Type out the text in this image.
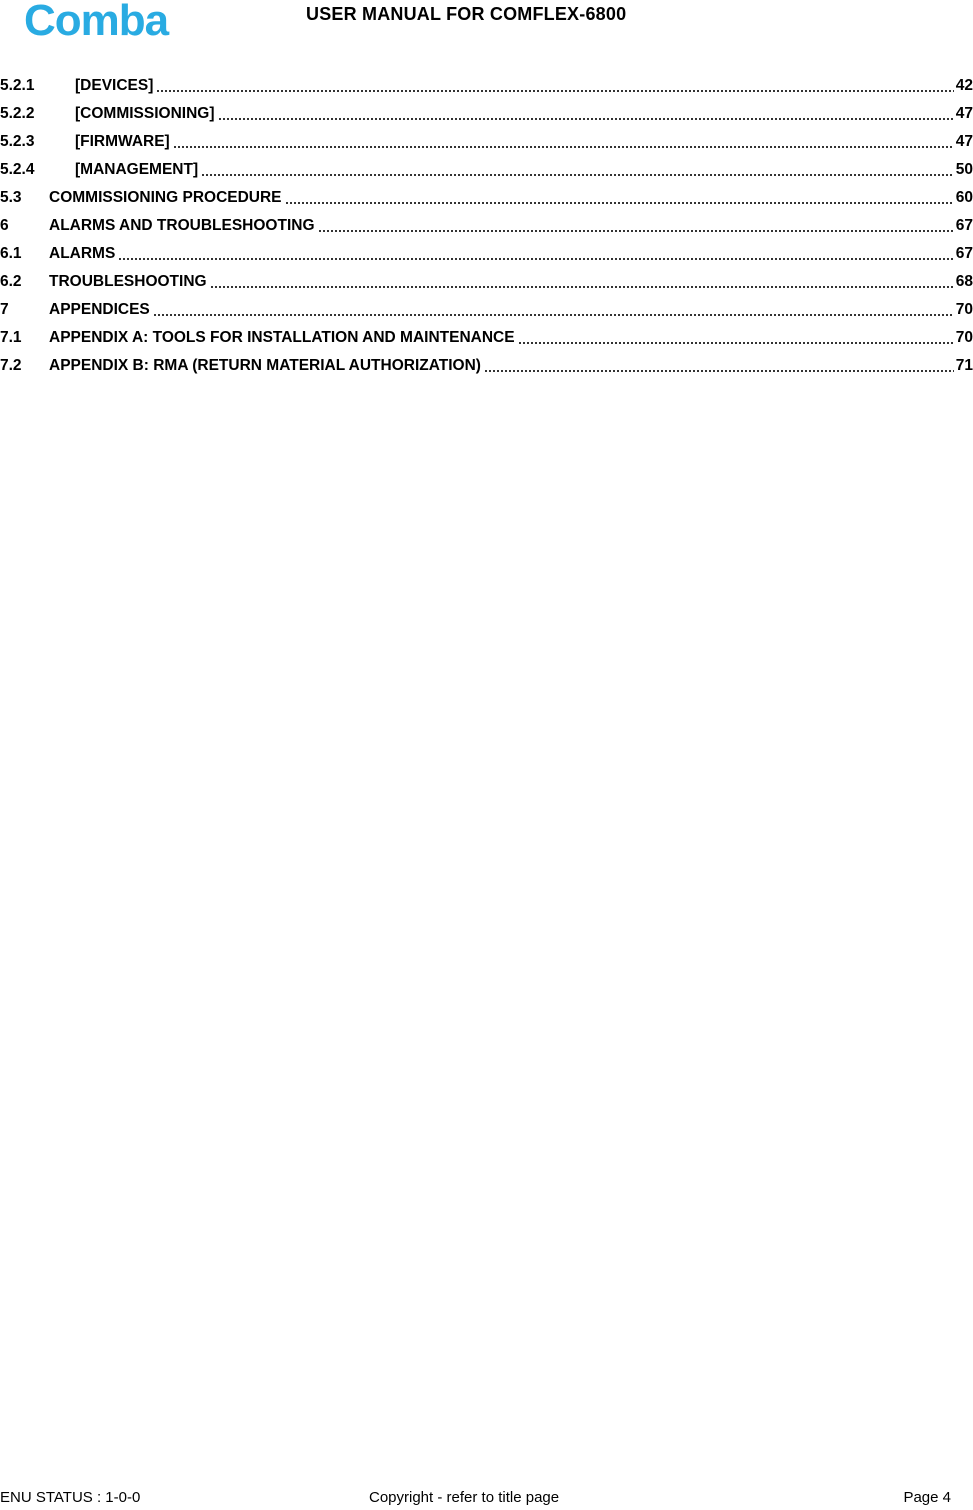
Comba	USER MANUAL FOR COMFLEX-6800
5.2.1	[DEVICES]	42
5.2.2	[COMMISSIONING]	47
5.2.3	[FIRMWARE]	47
5.2.4	[MANAGEMENT]	50
5.3	COMMISSIONING PROCEDURE	60
6	ALARMS AND TROUBLESHOOTING	67
6.1	ALARMS	67
6.2	TROUBLESHOOTING	68
7	APPENDICES	70
7.1	APPENDIX A: TOOLS FOR INSTALLATION AND MAINTENANCE	70
7.2	APPENDIX B: RMA (RETURN MATERIAL AUTHORIZATION)	71
ENU STATUS : 1-0-0	Copyright - refer to title page	Page 4
